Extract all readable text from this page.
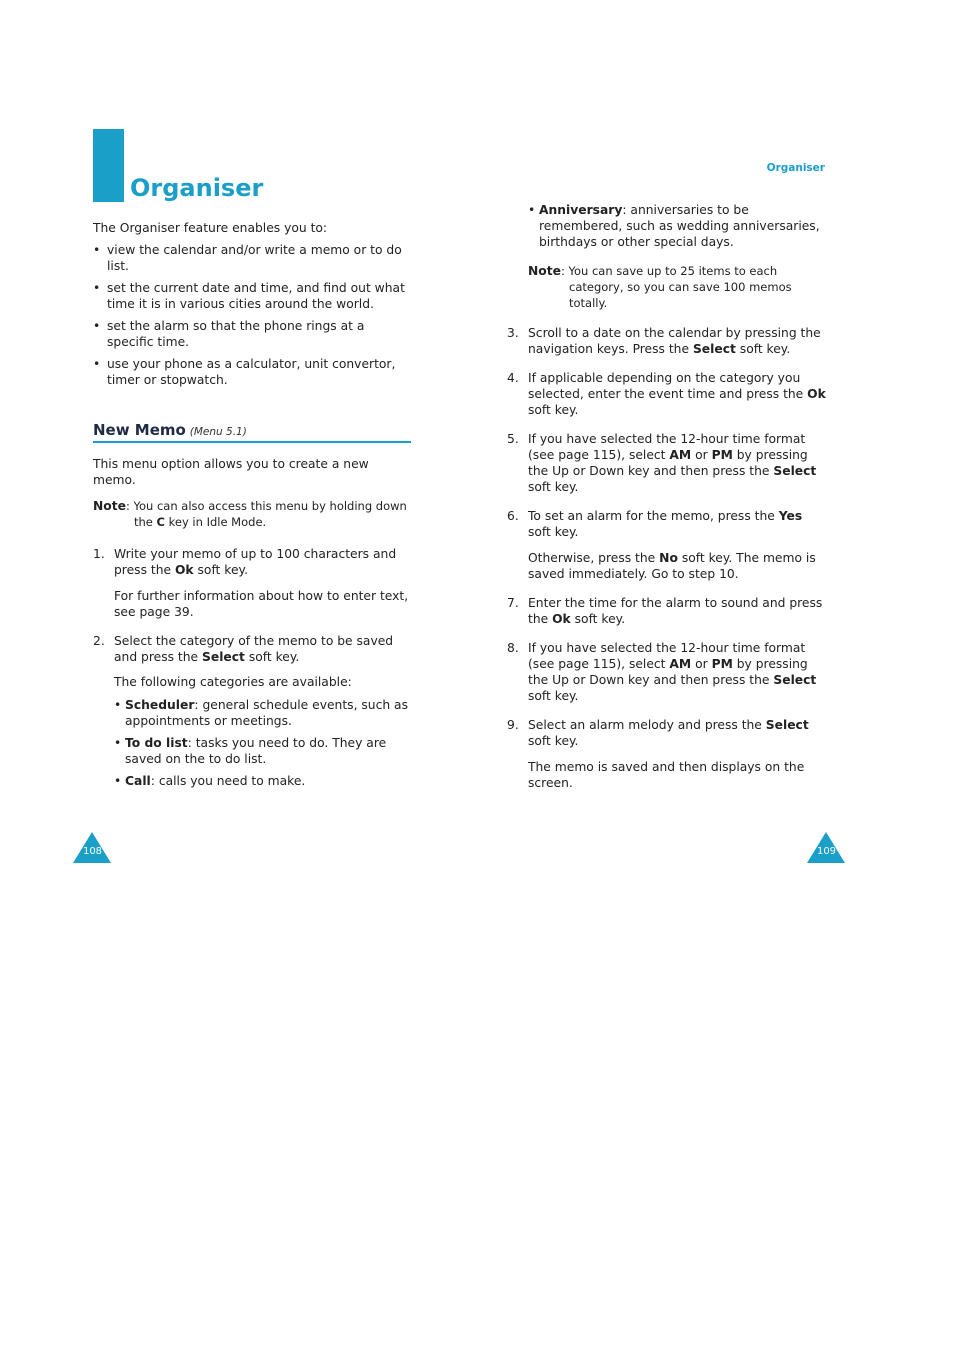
Organiser
Organiser

The Organiser feature enables you to:

• view the calendar and/or write a memo or to do list.
• set the current date and time, and find out what time it is in various cities around the world.
• set the alarm so that the phone rings at a specific time.
• use your phone as a calculator, unit convertor, timer or stopwatch.
New Memo (Menu 5.1)

This menu option allows you to create a new memo.

Note: You can also access this menu by holding down
the C key in Idle Mode.
1. Write your memo of up to 100 characters and press the Ok soft key.

For further information about how to enter text, see page 39.

2. Select the category of the memo to be saved and press the Select soft key.

The following categories are available:

• Scheduler: general schedule events, such as appointments or meetings.
• To do list: tasks you need to do. They are saved on the to do list.
• Call: calls you need to make.
• Anniversary: anniversaries to be remembered, such as wedding anniversaries, birthdays or other special days.
Note: You can save up to 25 items to each
category, so you can save 100 memos totally.
3. Scroll to a date on the calendar by pressing the navigation keys. Press the Select soft key.

4. If applicable depending on the category you selected, enter the event time and press the Ok soft key.

5. If you have selected the 12-hour time format (see page 115), select AM or PM by pressing the Up or Down key and then press the Select soft key.

6. To set an alarm for the memo, press the Yes soft key.

Otherwise, press the No soft key. The memo is saved immediately. Go to step 10.

7. Enter the time for the alarm to sound and press the Ok soft key.

8. If you have selected the 12-hour time format (see page 115), select AM or PM by pressing the Up or Down key and then press the Select soft key.

9. Select an alarm melody and press the Select soft key.

The memo is saved and then displays on the screen.

108	109
